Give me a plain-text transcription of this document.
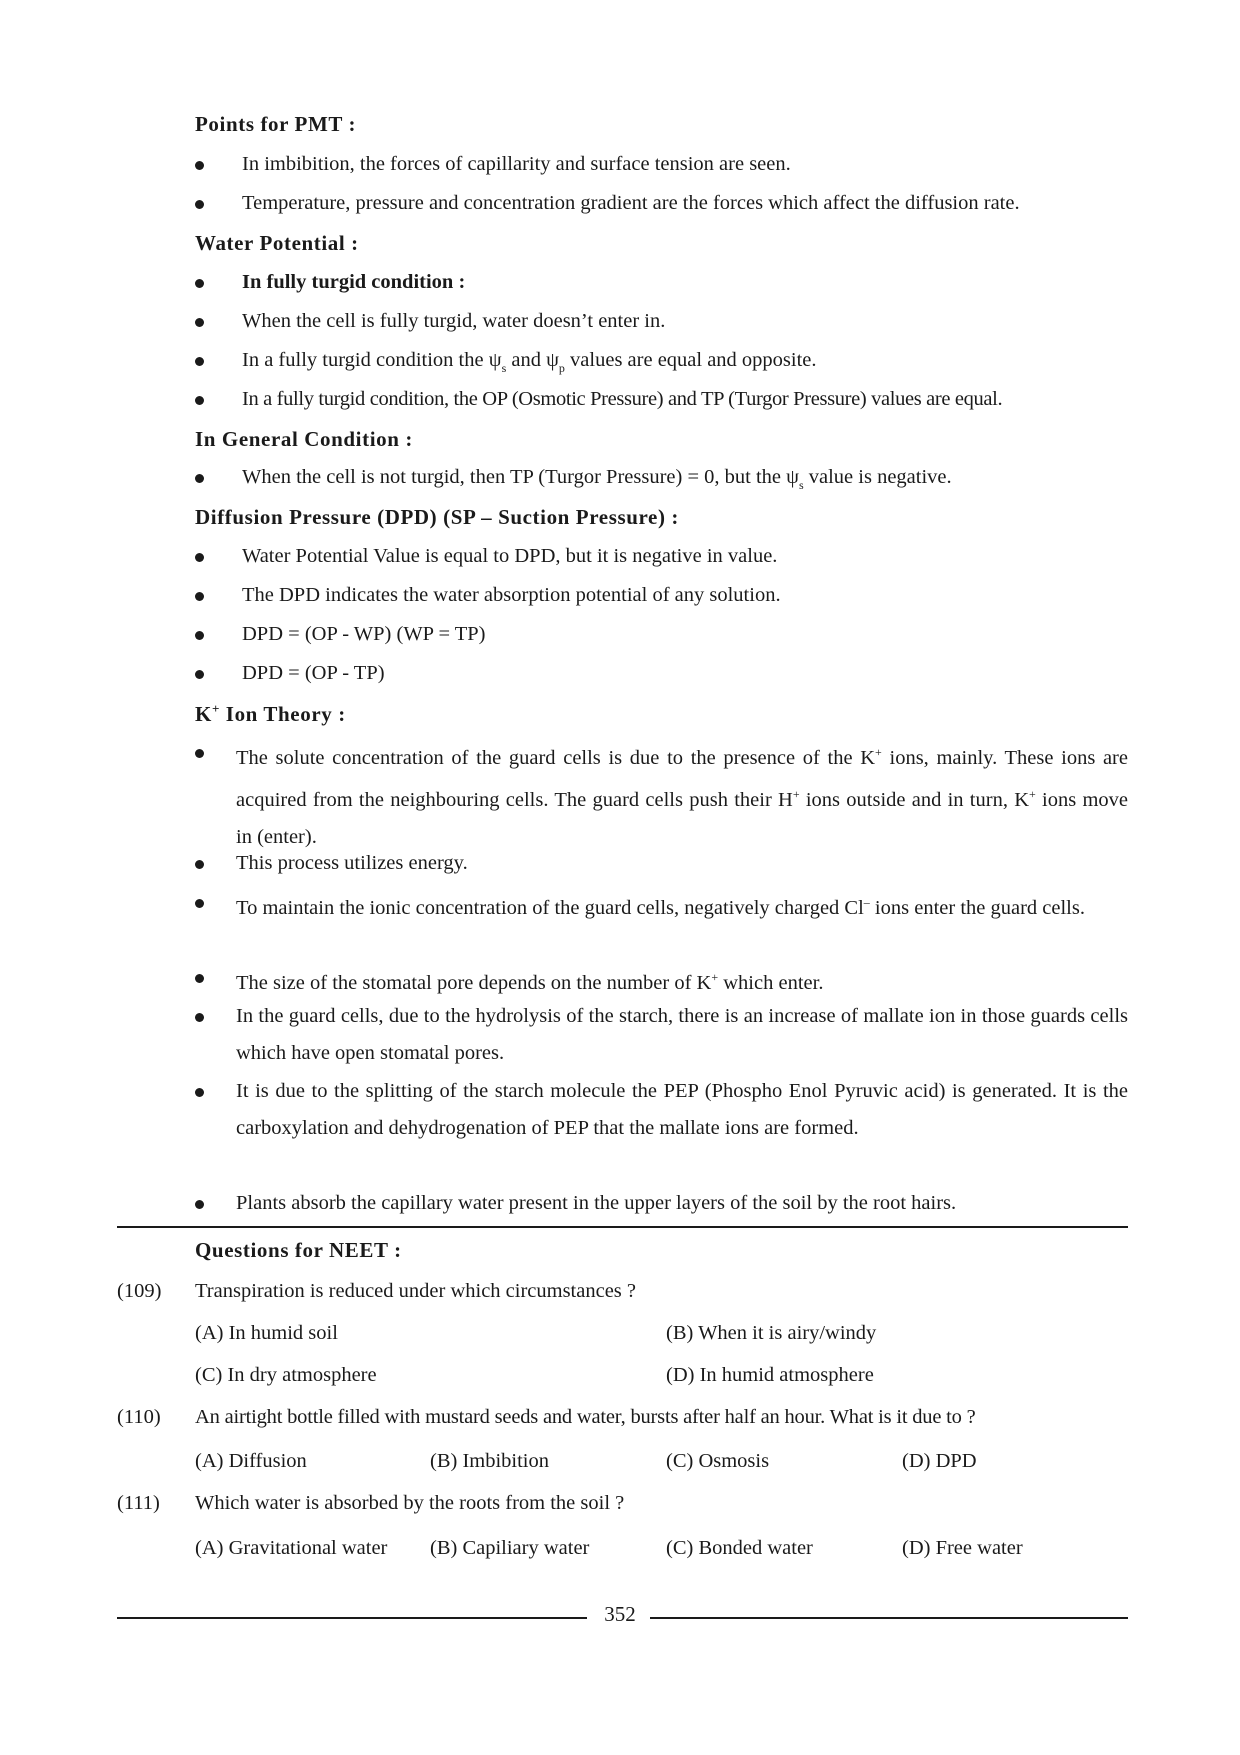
Points for PMT :
In imbibition, the forces of capillarity and surface tension are seen.
Temperature, pressure and concentration gradient are the forces which affect the diffusion rate.
Water Potential :
In fully turgid condition :
When the cell is fully turgid, water doesn’t enter in.
In a fully turgid condition the $\psi_s$ and $\psi_p$ values are equal and opposite.
In a fully turgid condition, the OP (Osmotic Pressure) and TP (Turgor Pressure) values are equal.
In General Condition :
When the cell is not turgid, then TP (Turgor Pressure) = 0, but the $\psi_s$ value is negative.
Diffusion Pressure (DPD) (SP – Suction Pressure) :
Water Potential Value is equal to DPD, but it is negative in value.
The DPD indicates the water absorption potential of any solution.
DPD = (OP - WP) (WP = TP)
DPD = (OP - TP)
K+ Ion Theory :
The solute concentration of the guard cells is due to the presence of the K+ ions, mainly. These ions are acquired from the neighbouring cells. The guard cells push their H+ ions outside and in turn, K+ ions move in (enter).
This process utilizes energy.
To maintain the ionic concentration of the guard cells, negatively charged Cl– ions enter the guard cells.
The size of the stomatal pore depends on the number of K+ which enter.
In the guard cells, due to the hydrolysis of the starch, there is an increase of mallate ion in those guards cells which have open stomatal pores.
It is due to the splitting of the starch molecule the PEP (Phospho Enol Pyruvic acid) is generated. It is the carboxylation and dehydrogenation of PEP that the mallate ions are formed.
Plants absorb the capillary water present in the upper layers of the soil by the root hairs.
Questions for NEET :
(109) Transpiration is reduced under which circumstances ?
(A) In humid soil	(B) When it is airy/windy
(C) In dry atmosphere	(D) In humid atmosphere
(110) An airtight bottle filled with mustard seeds and water, bursts after half an hour. What is it due to ?
(A) Diffusion	(B) Imbibition	(C) Osmosis	(D) DPD
(111) Which water is absorbed by the roots from the soil ?
(A) Gravitational water (B) Capiliary water	(C) Bonded water	(D) Free water
352
